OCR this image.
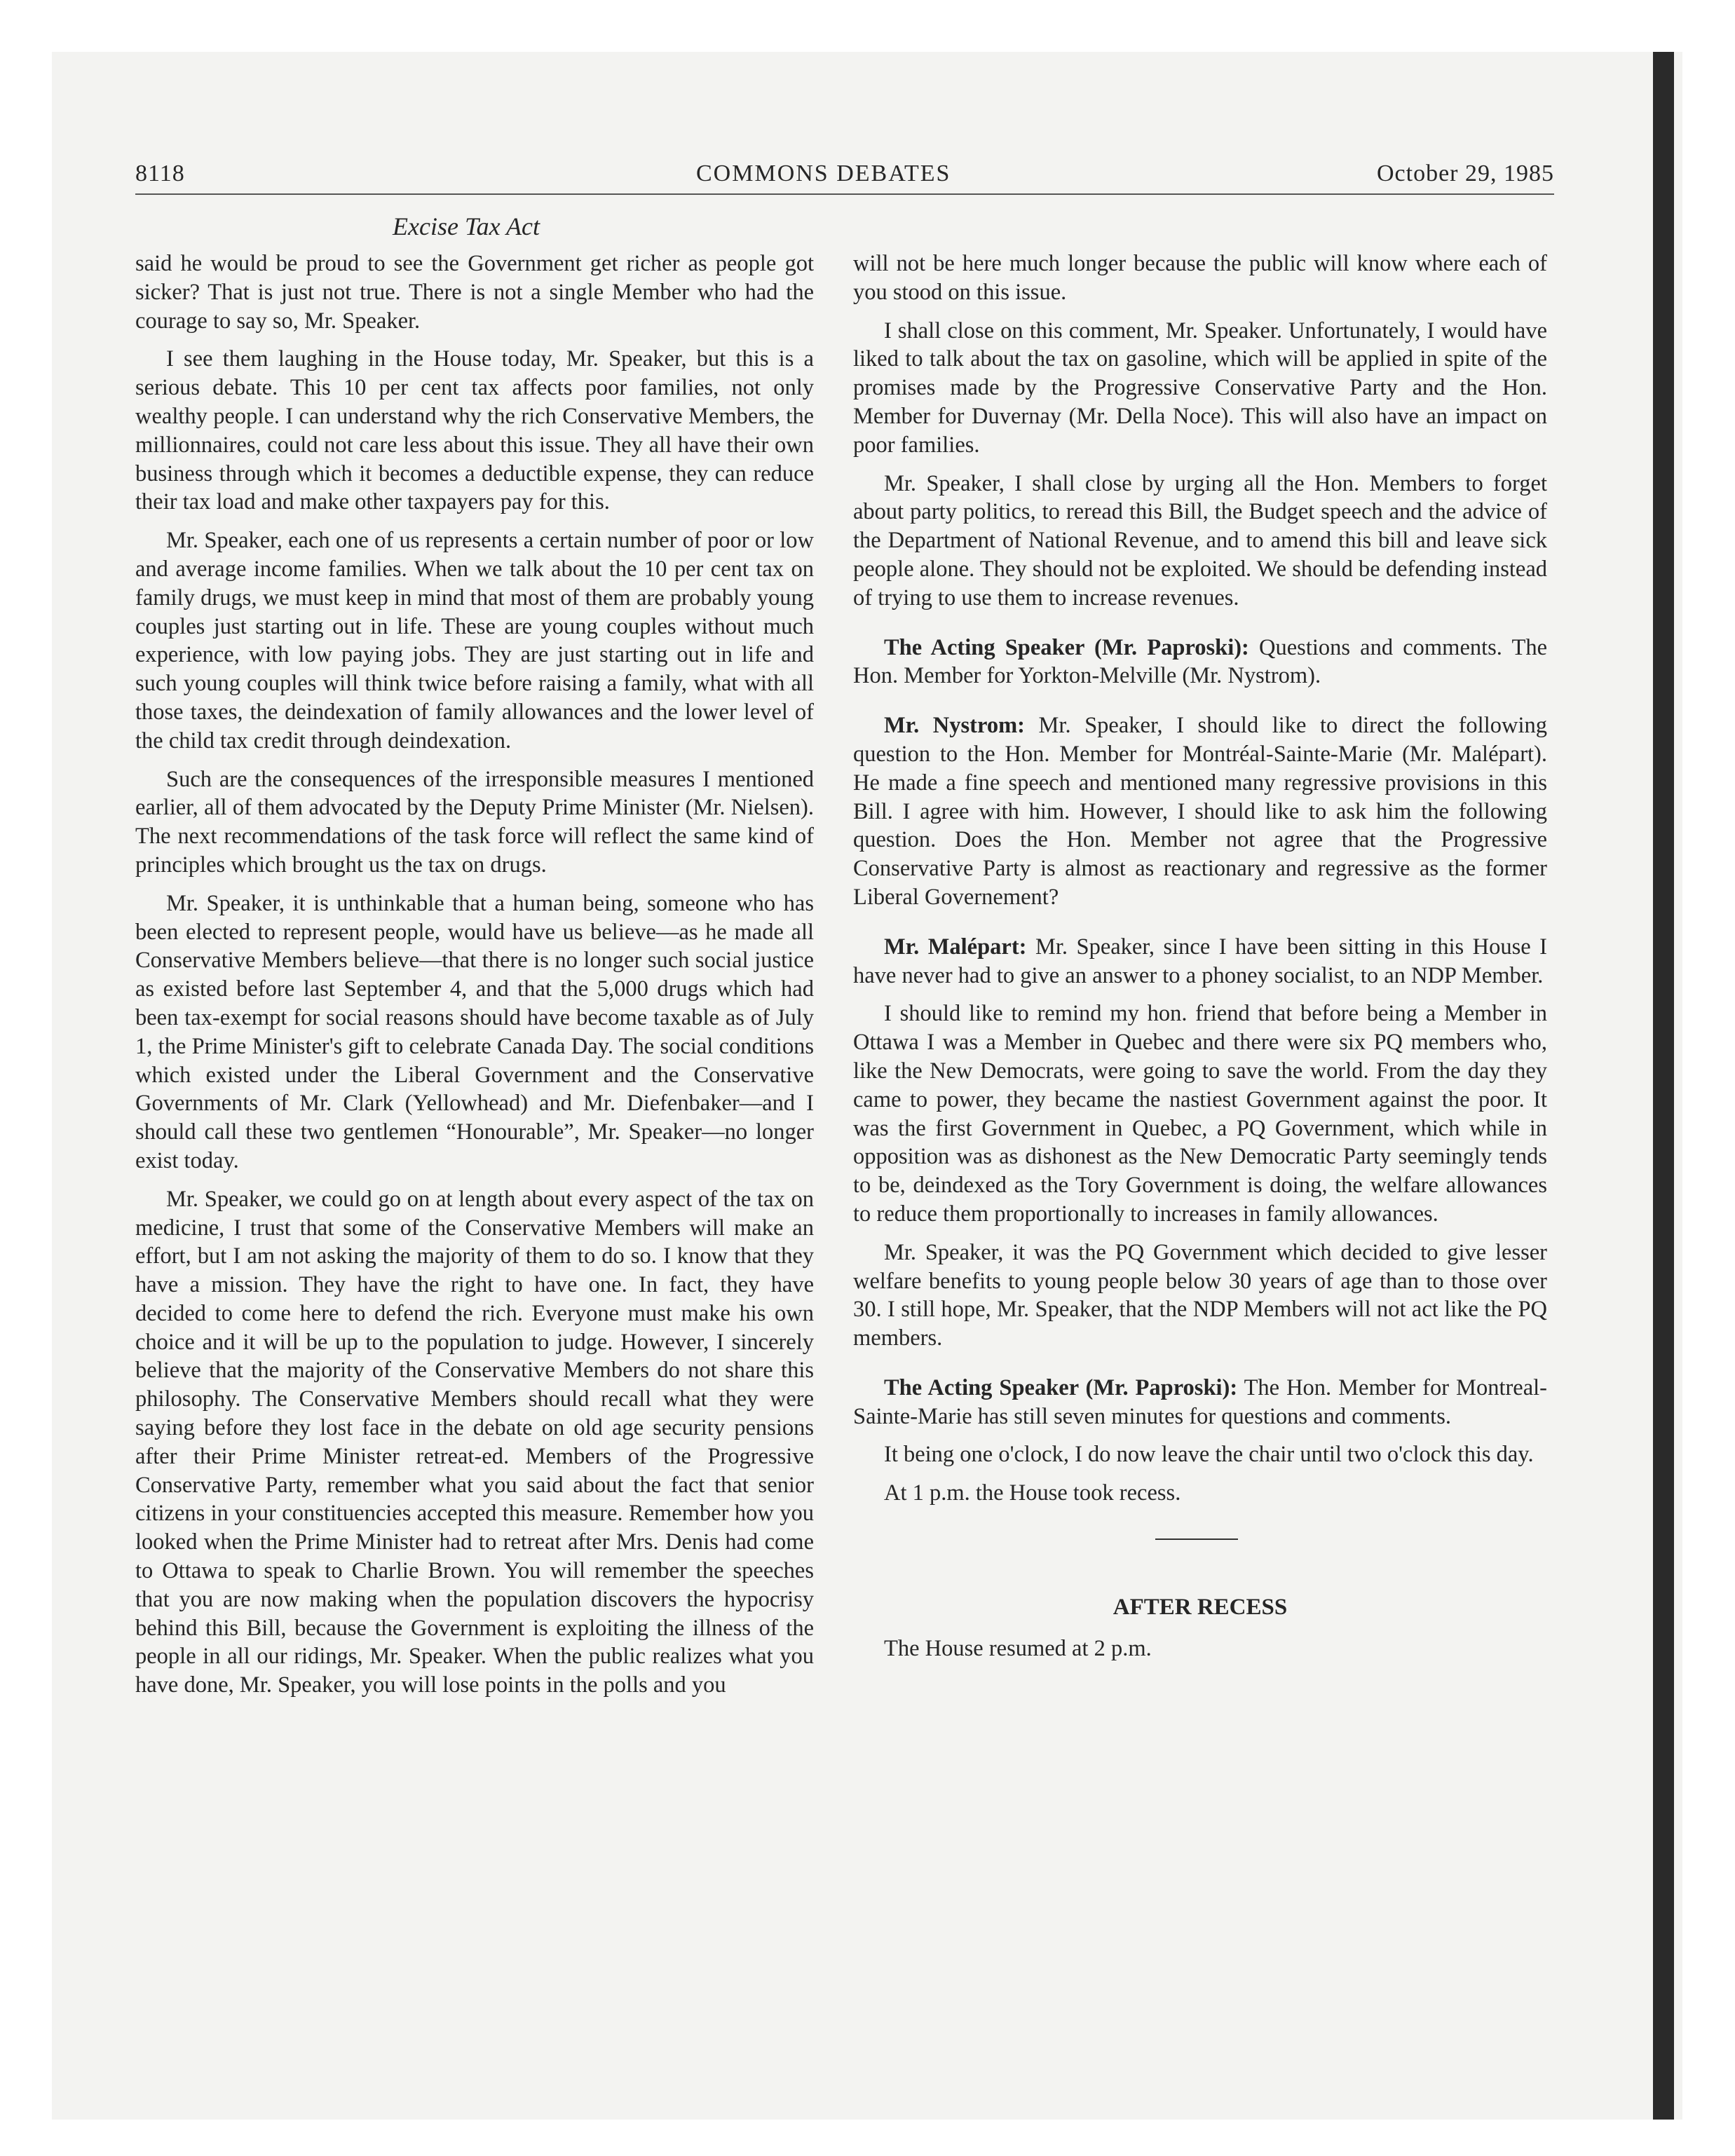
8118	COMMONS DEBATES	October 29, 1985
Excise Tax Act

said he would be proud to see the Government get richer as people got sicker? That is just not true. There is not a single Member who had the courage to say so, Mr. Speaker.

I see them laughing in the House today, Mr. Speaker, but this is a serious debate. This 10 per cent tax affects poor families, not only wealthy people. I can understand why the rich Conservative Members, the millionnaires, could not care less about this issue. They all have their own business through which it becomes a deductible expense, they can reduce their tax load and make other taxpayers pay for this.

Mr. Speaker, each one of us represents a certain number of poor or low and average income families. When we talk about the 10 per cent tax on family drugs, we must keep in mind that most of them are probably young couples just starting out in life. These are young couples without much experience, with low paying jobs. They are just starting out in life and such young couples will think twice before raising a family, what with all those taxes, the deindexation of family allowances and the lower level of the child tax credit through deindexation.

Such are the consequences of the irresponsible measures I mentioned earlier, all of them advocated by the Deputy Prime Minister (Mr. Nielsen). The next recommendations of the task force will reflect the same kind of principles which brought us the tax on drugs.

Mr. Speaker, it is unthinkable that a human being, someone who has been elected to represent people, would have us believe—as he made all Conservative Members believe—that there is no longer such social justice as existed before last September 4, and that the 5,000 drugs which had been tax-exempt for social reasons should have become taxable as of July 1, the Prime Minister's gift to celebrate Canada Day. The social conditions which existed under the Liberal Government and the Conservative Governments of Mr. Clark (Yellowhead) and Mr. Diefenbaker—and I should call these two gentlemen “Honourable”, Mr. Speaker—no longer exist today.

Mr. Speaker, we could go on at length about every aspect of the tax on medicine, I trust that some of the Conservative Members will make an effort, but I am not asking the majority of them to do so. I know that they have a mission. They have the right to have one. In fact, they have decided to come here to defend the rich. Everyone must make his own choice and it will be up to the population to judge. However, I sincerely believe that the majority of the Conservative Members do not share this philosophy. The Conservative Members should recall what they were saying before they lost face in the debate on old age security pensions after their Prime Minister retreat-ed. Members of the Progressive Conservative Party, remember what you said about the fact that senior citizens in your constituencies accepted this measure. Remember how you looked when the Prime Minister had to retreat after Mrs. Denis had come to Ottawa to speak to Charlie Brown. You will remember the speeches that you are now making when the population discovers the hypocrisy behind this Bill, because the Government is exploiting the illness of the people in all our ridings, Mr. Speaker. When the public realizes what you have done, Mr. Speaker, you will lose points in the polls and you

will not be here much longer because the public will know where each of you stood on this issue.

I shall close on this comment, Mr. Speaker. Unfortunately, I would have liked to talk about the tax on gasoline, which will be applied in spite of the promises made by the Progressive Conservative Party and the Hon. Member for Duvernay (Mr. Della Noce). This will also have an impact on poor families.

Mr. Speaker, I shall close by urging all the Hon. Members to forget about party politics, to reread this Bill, the Budget speech and the advice of the Department of National Revenue, and to amend this bill and leave sick people alone. They should not be exploited. We should be defending instead of trying to use them to increase revenues.

The Acting Speaker (Mr. Paproski): Questions and comments. The Hon. Member for Yorkton-Melville (Mr. Nystrom).

Mr. Nystrom: Mr. Speaker, I should like to direct the following question to the Hon. Member for Montréal-Sainte-Marie (Mr. Malépart). He made a fine speech and mentioned many regressive provisions in this Bill. I agree with him. However, I should like to ask him the following question. Does the Hon. Member not agree that the Progressive Conservative Party is almost as reactionary and regressive as the former Liberal Governement?

Mr. Malépart: Mr. Speaker, since I have been sitting in this House I have never had to give an answer to a phoney socialist, to an NDP Member.

I should like to remind my hon. friend that before being a Member in Ottawa I was a Member in Quebec and there were six PQ members who, like the New Democrats, were going to save the world. From the day they came to power, they became the nastiest Government against the poor. It was the first Government in Quebec, a PQ Government, which while in opposition was as dishonest as the New Democratic Party seemingly tends to be, deindexed as the Tory Government is doing, the welfare allowances to reduce them proportionally to increases in family allowances.

Mr. Speaker, it was the PQ Government which decided to give lesser welfare benefits to young people below 30 years of age than to those over 30. I still hope, Mr. Speaker, that the NDP Members will not act like the PQ members.

The Acting Speaker (Mr. Paproski): The Hon. Member for Montreal-Sainte-Marie has still seven minutes for questions and comments.

It being one o'clock, I do now leave the chair until two o'clock this day.

At 1 p.m. the House took recess.

AFTER RECESS

The House resumed at 2 p.m.
